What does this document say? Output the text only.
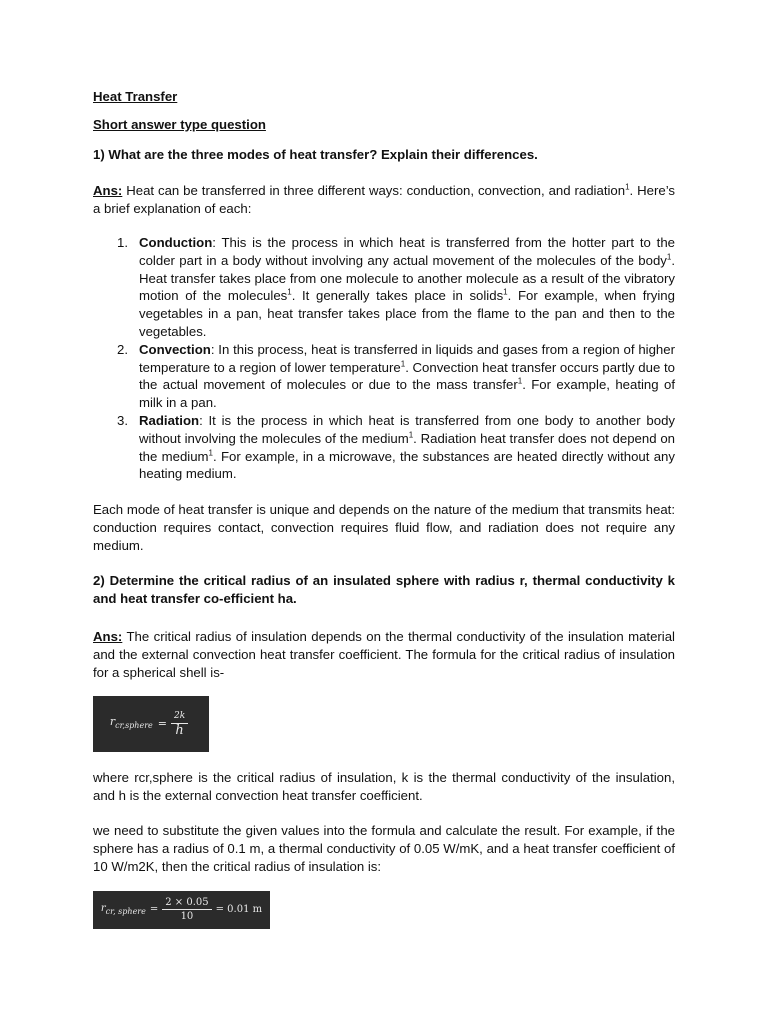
Heat Transfer
Short answer type question
1) What are the three modes of heat transfer? Explain their differences.
Ans: Heat can be transferred in three different ways: conduction, convection, and radiation$^1$. Here’s a brief explanation of each:
1. Conduction: This is the process in which heat is transferred from the hotter part to the colder part in a body without involving any actual movement of the molecules of the body$^1$. Heat transfer takes place from one molecule to another molecule as a result of the vibratory motion of the molecules$^1$. It generally takes place in solids$^1$. For example, when frying vegetables in a pan, heat transfer takes place from the flame to the pan and then to the vegetables.
2. Convection: In this process, heat is transferred in liquids and gases from a region of higher temperature to a region of lower temperature$^1$. Convection heat transfer occurs partly due to the actual movement of molecules or due to the mass transfer$^1$. For example, heating of milk in a pan.
3. Radiation: It is the process in which heat is transferred from one body to another body without involving the molecules of the medium$^1$. Radiation heat transfer does not depend on the medium$^1$. For example, in a microwave, the substances are heated directly without any heating medium.
Each mode of heat transfer is unique and depends on the nature of the medium that transmits heat: conduction requires contact, convection requires fluid flow, and radiation does not require any medium.
2) Determine the critical radius of an insulated sphere with radius r, thermal conductivity k and heat transfer co-efficient ha.
Ans: The critical radius of insulation depends on the thermal conductivity of the insulation material and the external convection heat transfer coefficient. The formula for the critical radius of insulation for a spherical shell is-
$r_{cr,sphere} = \frac{2k}{h}$
where rcr,sphere is the critical radius of insulation, k is the thermal conductivity of the insulation, and h is the external convection heat transfer coefficient.
we need to substitute the given values into the formula and calculate the result. For example, if the sphere has a radius of 0.1 m, a thermal conductivity of 0.05 W/mK, and a heat transfer coefficient of 10 W/m2K, then the critical radius of insulation is:
$r_{cr, sphere} = \frac{2 \times 0.05}{10} = 0.01$ m
